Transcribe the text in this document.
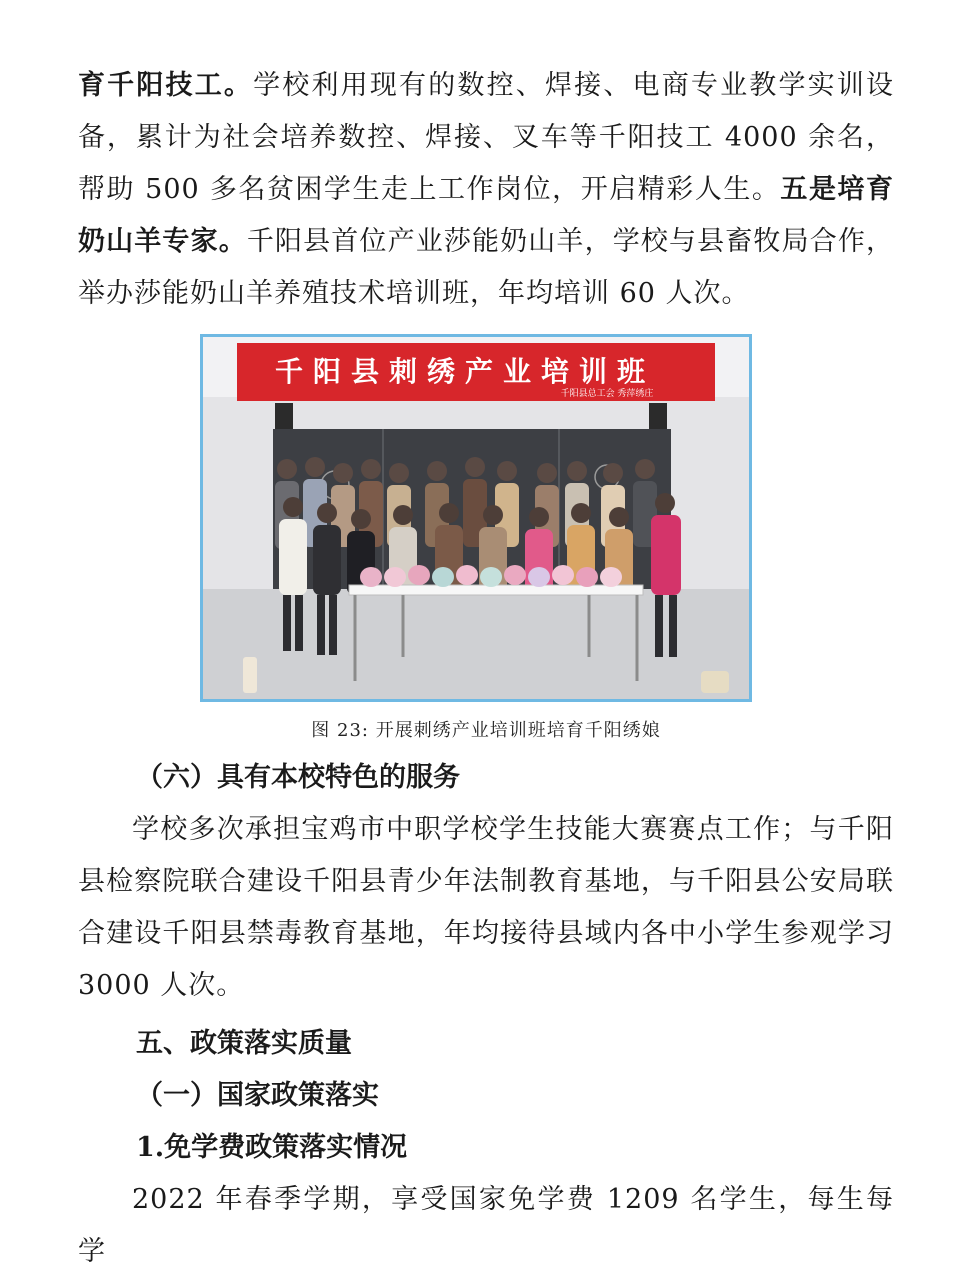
育千阳技工。学校利用现有的数控、焊接、电商专业教学实训设备，累计为社会培养数控、焊接、叉车等千阳技工 4000 余名，帮助 500 多名贫困学生走上工作岗位，开启精彩人生。五是培育奶山羊专家。千阳县首位产业莎能奶山羊，学校与县畜牧局合作，举办莎能奶山羊养殖技术培训班，年均培训 60 人次。

千阳县刺绣产业培训班
千阳县总工会 秀萍绣庄

图 23: 开展刺绣产业培训班培育千阳绣娘

（六）具有本校特色的服务

学校多次承担宝鸡市中职学校学生技能大赛赛点工作；与千阳县检察院联合建设千阳县青少年法制教育基地，与千阳县公安局联合建设千阳县禁毒教育基地，年均接待县域内各中小学生参观学习 3000 人次。

五、政策落实质量

（一）国家政策落实

1.免学费政策落实情况

2022 年春季学期，享受国家免学费 1209 名学生，每生每学
